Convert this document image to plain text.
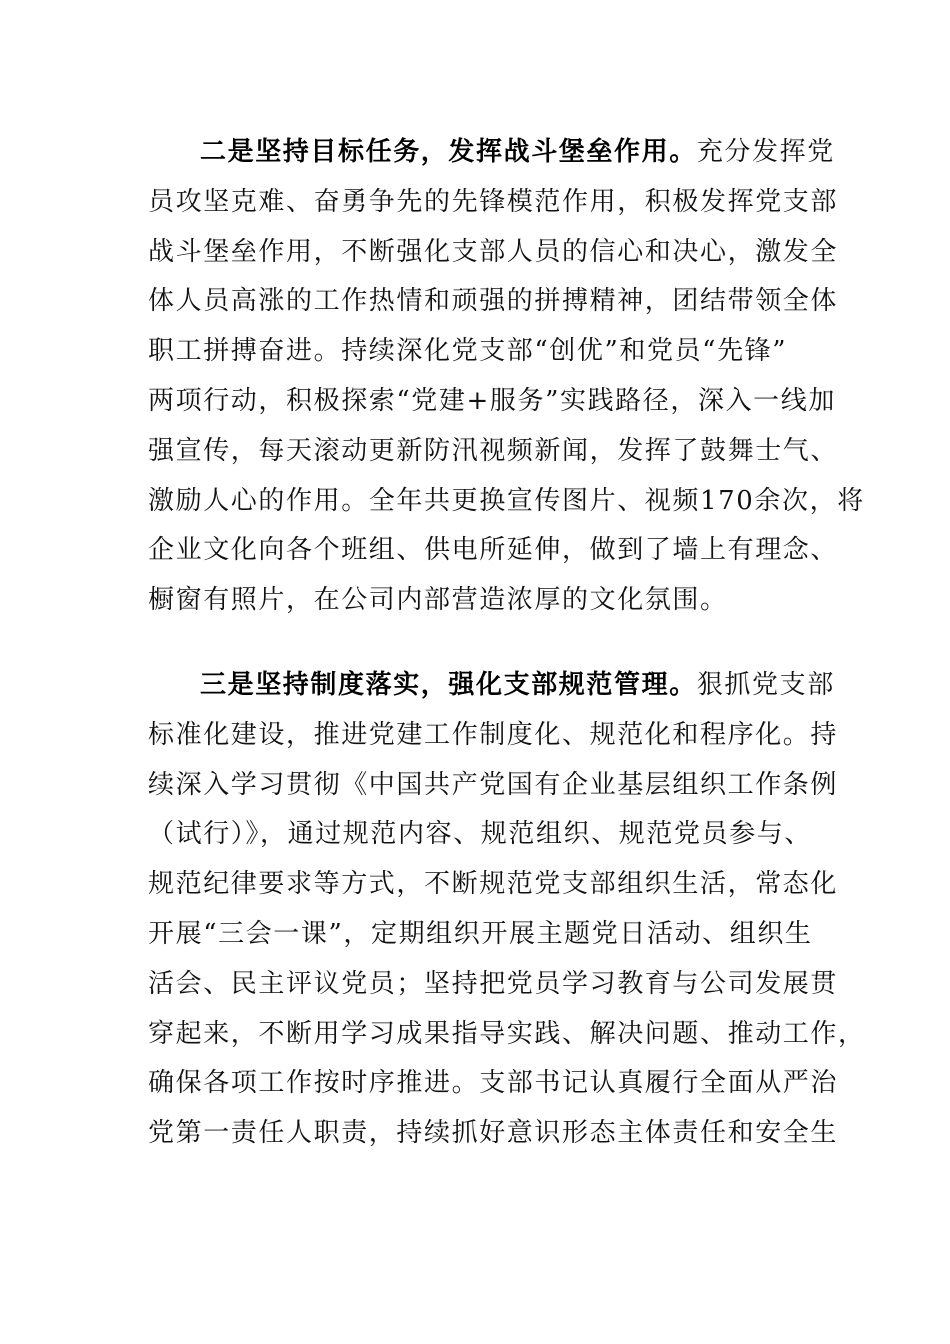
二是坚持目标任务，发挥战斗堡垒作用。充分发挥党
员攻坚克难、奋勇争先的先锋模范作用，积极发挥党支部
战斗堡垒作用，不断强化支部人员的信心和决心，激发全
体人员高涨的工作热情和顽强的拼搏精神，团结带领全体
职工拼搏奋进。持续深化党支部“创优”和党员“先锋”
两项行动，积极探索“党建+服务”实践路径，深入一线加
强宣传，每天滚动更新防汛视频新闻，发挥了鼓舞士气、
激励人心的作用。全年共更换宣传图片、视频170余次，将
企业文化向各个班组、供电所延伸，做到了墙上有理念、
橱窗有照片，在公司内部营造浓厚的文化氛围。
三是坚持制度落实，强化支部规范管理。狠抓党支部
标准化建设，推进党建工作制度化、规范化和程序化。持
续深入学习贯彻《中国共产党国有企业基层组织工作条例
（试行）》，通过规范内容、规范组织、规范党员参与、
规范纪律要求等方式，不断规范党支部组织生活，常态化
开展“三会一课”，定期组织开展主题党日活动、组织生
活会、民主评议党员；坚持把党员学习教育与公司发展贯
穿起来，不断用学习成果指导实践、解决问题、推动工作，
确保各项工作按时序推进。支部书记认真履行全面从严治
党第一责任人职责，持续抓好意识形态主体责任和安全生
